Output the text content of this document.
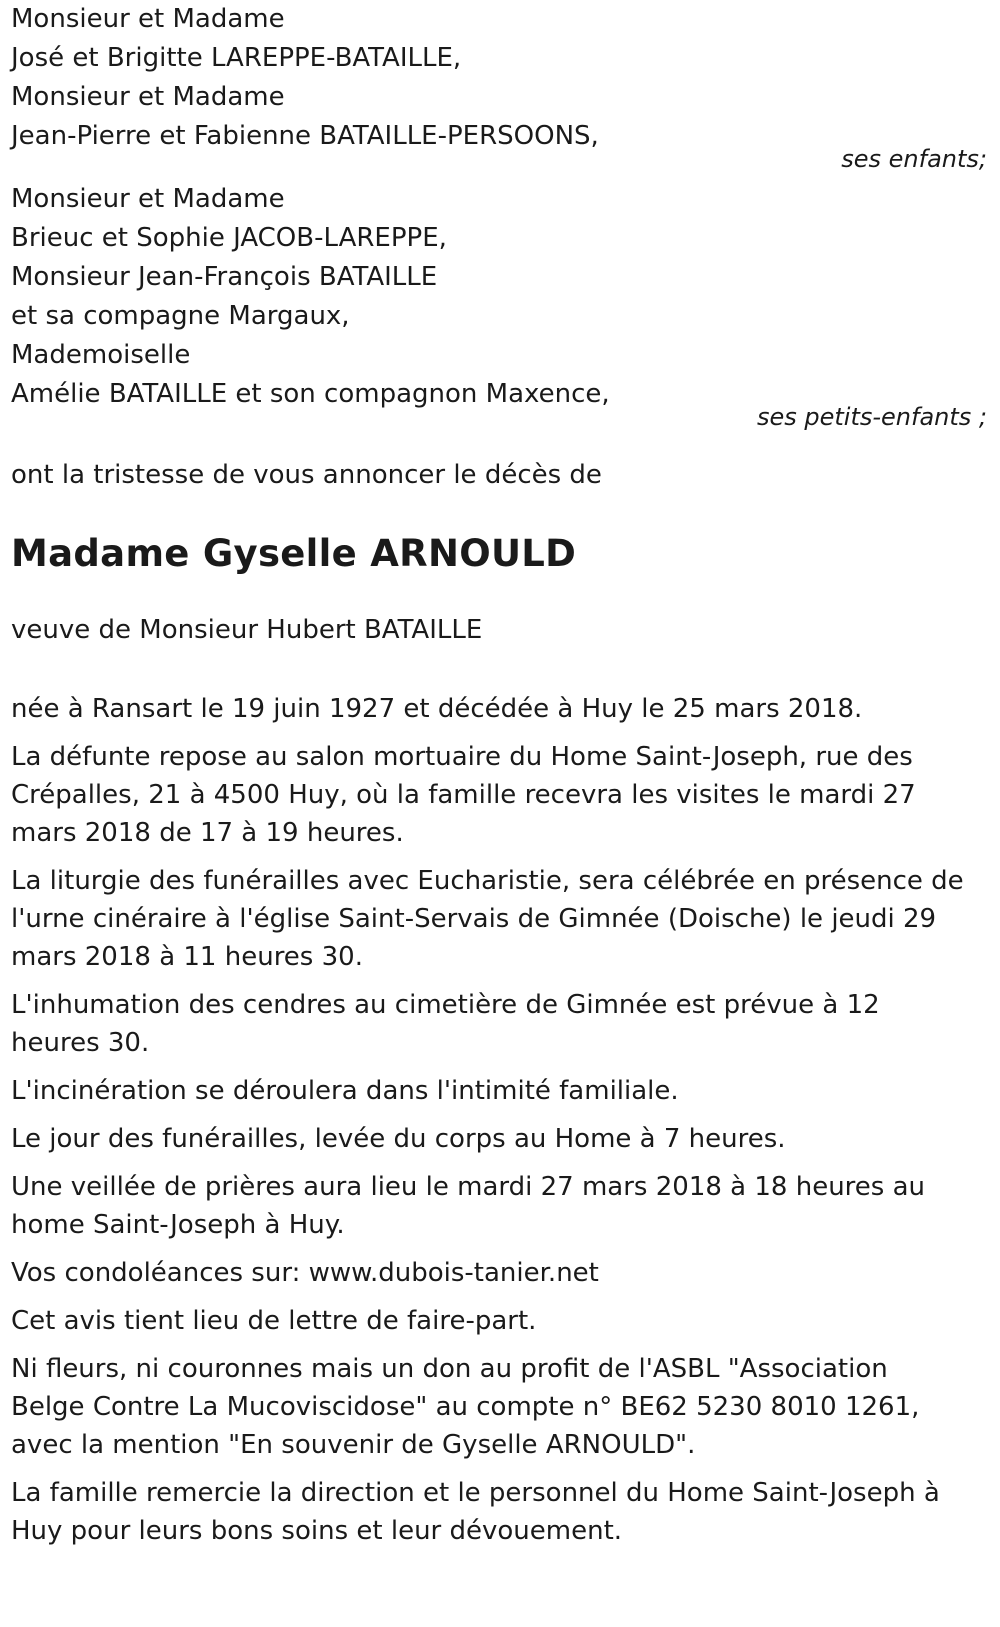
Monsieur et Madame
José et Brigitte LAREPPE-BATAILLE,
Monsieur et Madame
Jean-Pierre et Fabienne BATAILLE-PERSOONS,
ses enfants;
Monsieur et Madame
Brieuc et Sophie JACOB-LAREPPE,
Monsieur Jean-François BATAILLE
et sa compagne Margaux,
Mademoiselle
Amélie BATAILLE et son compagnon Maxence,
ses petits-enfants ;
ont la tristesse de vous annoncer le décès de
Madame Gyselle ARNOULD
veuve de Monsieur Hubert BATAILLE

née à Ransart le 19 juin 1927 et décédée à Huy le 25 mars 2018.

La défunte repose au salon mortuaire du Home Saint-Joseph, rue des Crépalles, 21 à 4500 Huy, où la famille recevra les visites le mardi 27 mars 2018 de 17 à 19 heures.

La liturgie des funérailles avec Eucharistie, sera célébrée en présence de l'urne cinéraire à l'église Saint-Servais de Gimnée (Doische) le jeudi 29 mars 2018 à 11 heures 30.

L'inhumation des cendres au cimetière de Gimnée est prévue à 12 heures 30.

L'incinération se déroulera dans l'intimité familiale.

Le jour des funérailles, levée du corps au Home à 7 heures.

Une veillée de prières aura lieu le mardi 27 mars 2018 à 18 heures au home Saint-Joseph à Huy.

Vos condoléances sur: www.dubois-tanier.net

Cet avis tient lieu de lettre de faire-part.

Ni fleurs, ni couronnes mais un don au profit de l'ASBL "Association Belge Contre La Mucoviscidose" au compte n° BE62 5230 8010 1261, avec la mention "En souvenir de Gyselle ARNOULD".

La famille remercie la direction et le personnel du Home Saint-Joseph à Huy pour leurs bons soins et leur dévouement.
